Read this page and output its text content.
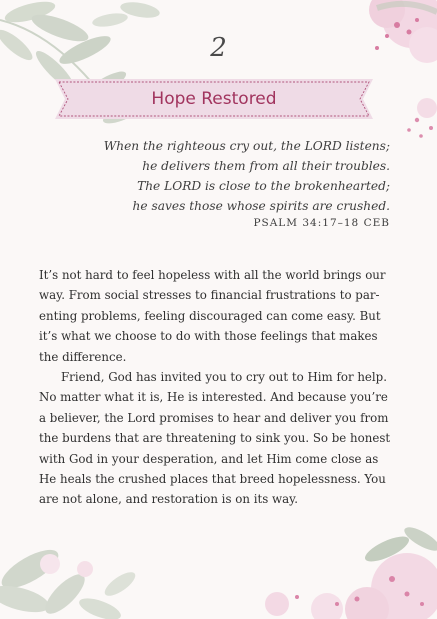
2
Hope Restored
When the righteous cry out, the LORD listens;
he delivers them from all their troubles.
The LORD is close to the brokenhearted;
he saves those whose spirits are crushed.
PSALM 34:17–18 CEB
It’s not hard to feel hopeless with all the world brings our
way. From social stresses to financial frustrations to par-
enting problems, feeling discouraged can come easy. But
it’s what we choose to do with those feelings that makes
the difference.
Friend, God has invited you to cry out to Him for help.
No matter what it is, He is interested. And because you’re
a believer, the Lord promises to hear and deliver you from
the burdens that are threatening to sink you. So be honest
with God in your desperation, and let Him come close as
He heals the crushed places that breed hopelessness. You
are not alone, and restoration is on its way.
